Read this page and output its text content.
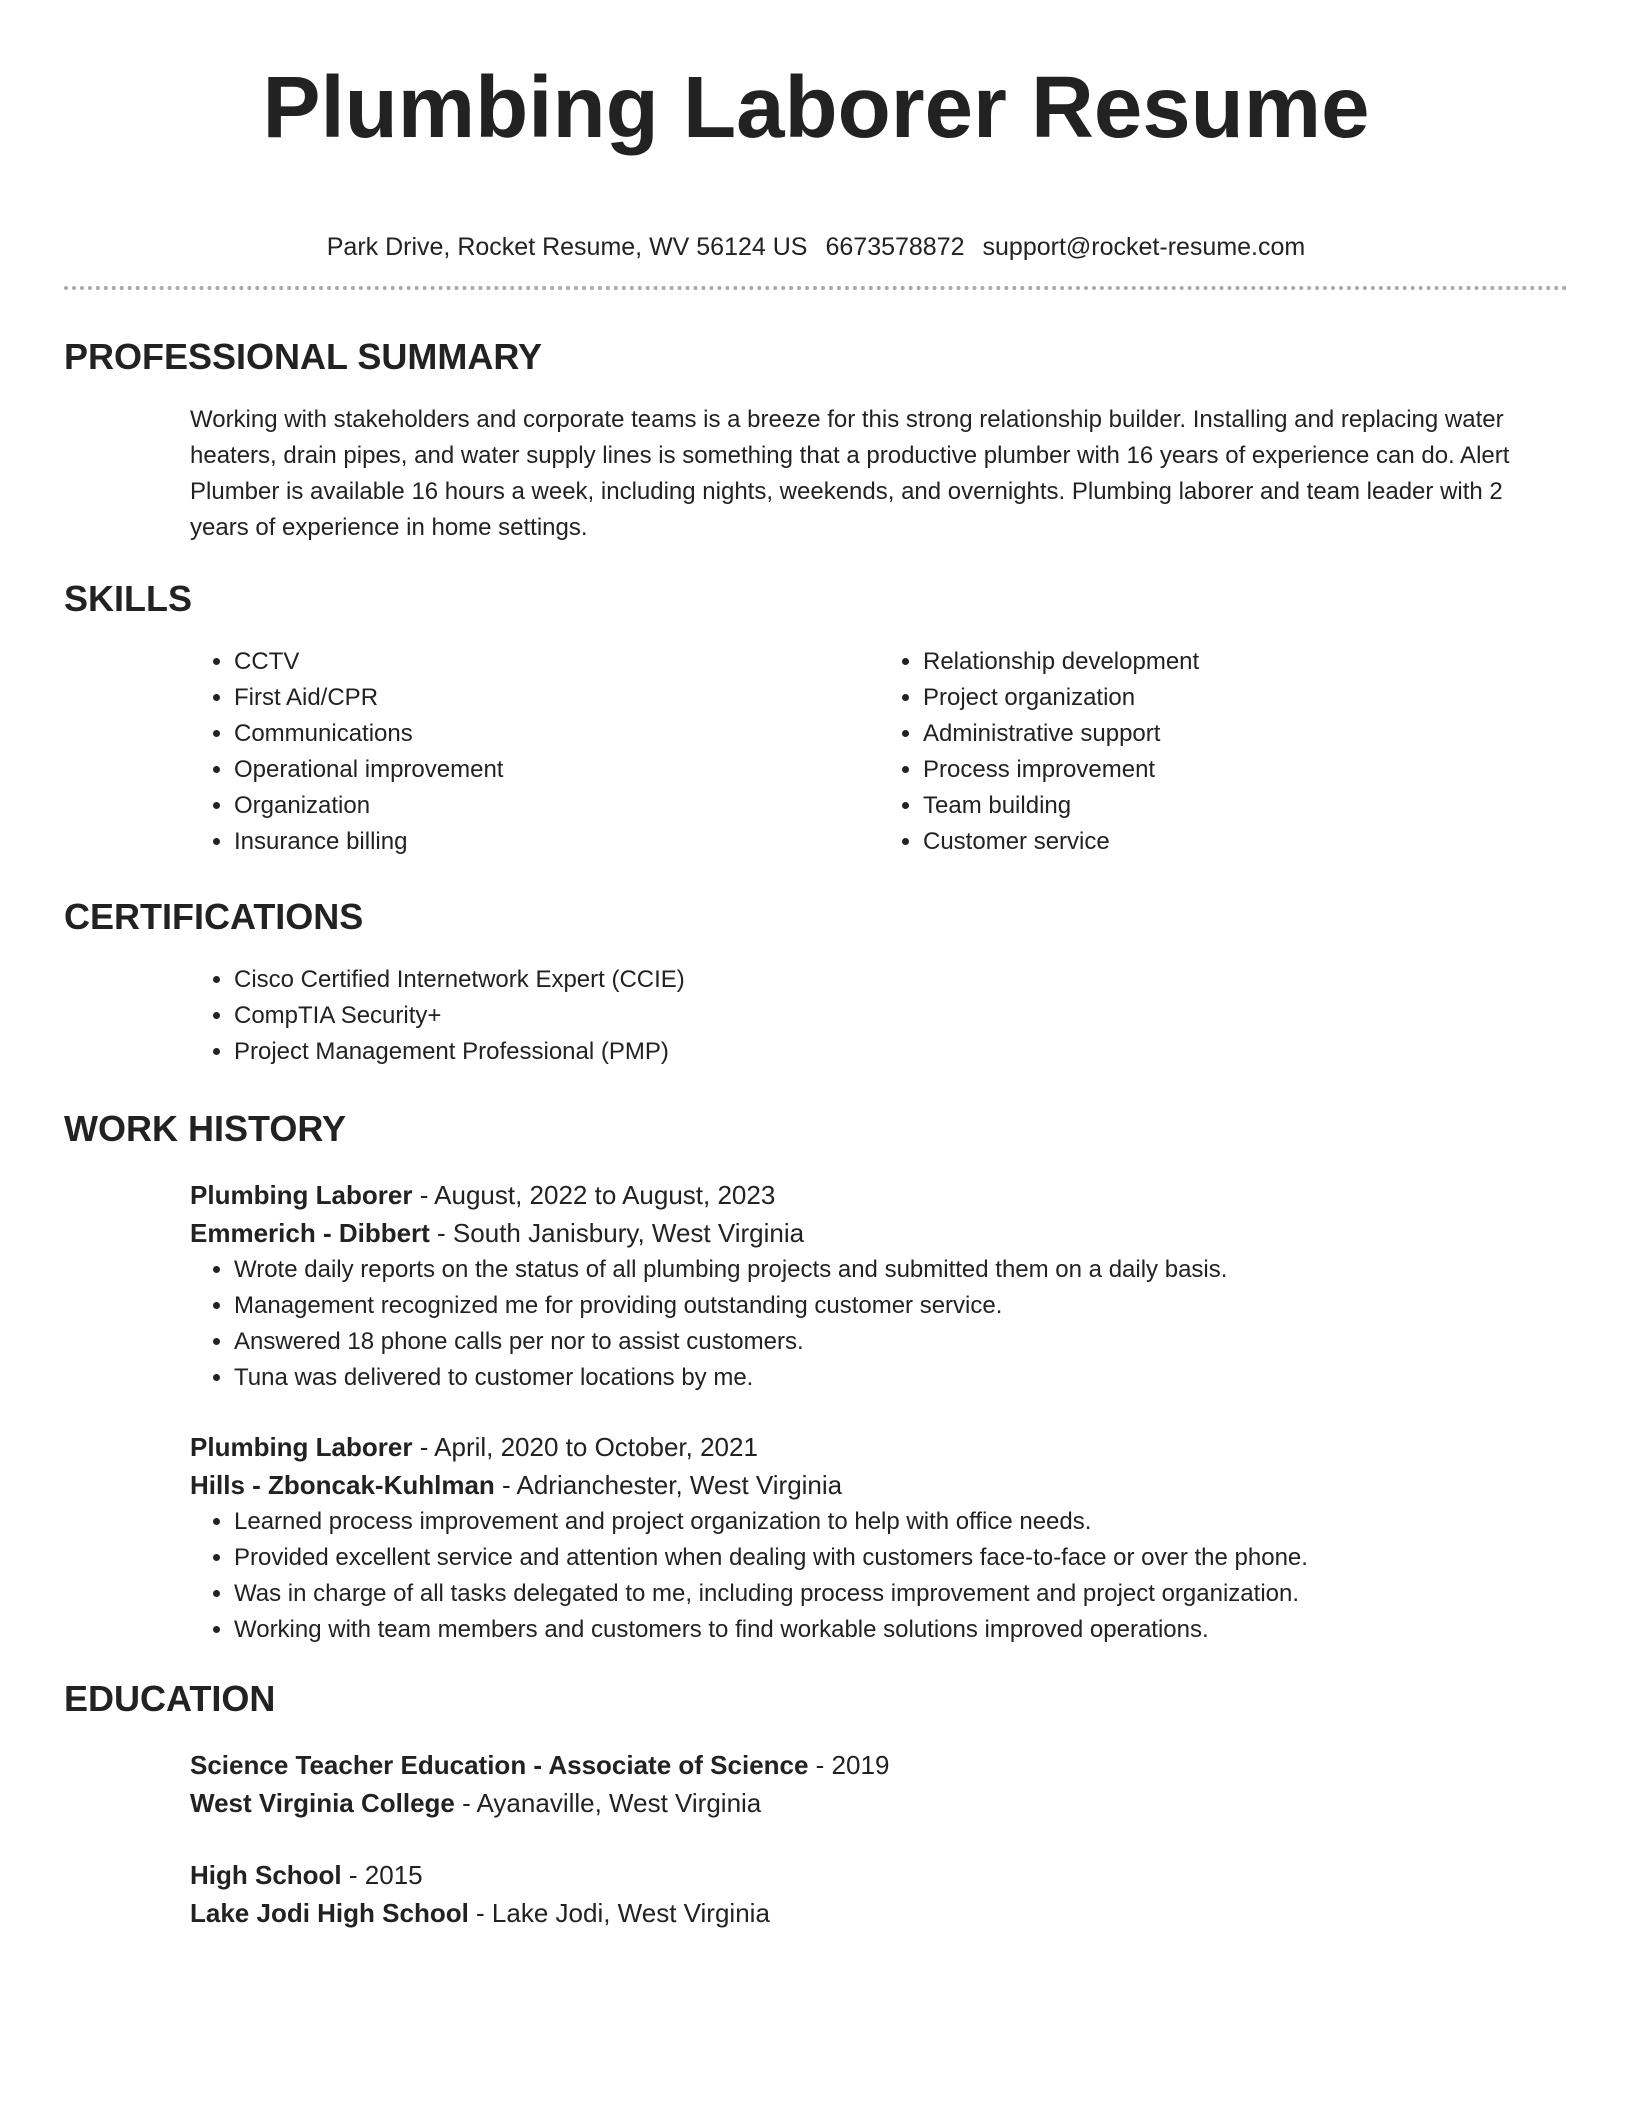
Plumbing Laborer Resume
Park Drive, Rocket Resume, WV 56124 US 6673578872 support@rocket-resume.com
PROFESSIONAL SUMMARY

Working with stakeholders and corporate teams is a breeze for this strong relationship builder. Installing and replacing water heaters, drain pipes, and water supply lines is something that a productive plumber with 16 years of experience can do. Alert Plumber is available 16 hours a week, including nights, weekends, and overnights. Plumbing laborer and team leader with 2 years of experience in home settings.

SKILLS
• CCTV
• First Aid/CPR
• Communications
• Operational improvement
• Organization
• Insurance billing
• Relationship development
• Project organization
• Administrative support
• Process improvement
• Team building
• Customer service
CERTIFICATIONS
• Cisco Certified Internetwork Expert (CCIE)
• CompTIA Security+
• Project Management Professional (PMP)
WORK HISTORY
Plumbing Laborer - August, 2022 to August, 2023
Emmerich - Dibbert - South Janisbury, West Virginia
• Wrote daily reports on the status of all plumbing projects and submitted them on a daily basis.
• Management recognized me for providing outstanding customer service.
• Answered 18 phone calls per nor to assist customers.
• Tuna was delivered to customer locations by me.
Plumbing Laborer - April, 2020 to October, 2021
Hills - Zboncak-Kuhlman - Adrianchester, West Virginia
• Learned process improvement and project organization to help with office needs.
• Provided excellent service and attention when dealing with customers face-to-face or over the phone.
• Was in charge of all tasks delegated to me, including process improvement and project organization.
• Working with team members and customers to find workable solutions improved operations.
EDUCATION
Science Teacher Education - Associate of Science - 2019
West Virginia College - Ayanaville, West Virginia
High School - 2015
Lake Jodi High School - Lake Jodi, West Virginia
